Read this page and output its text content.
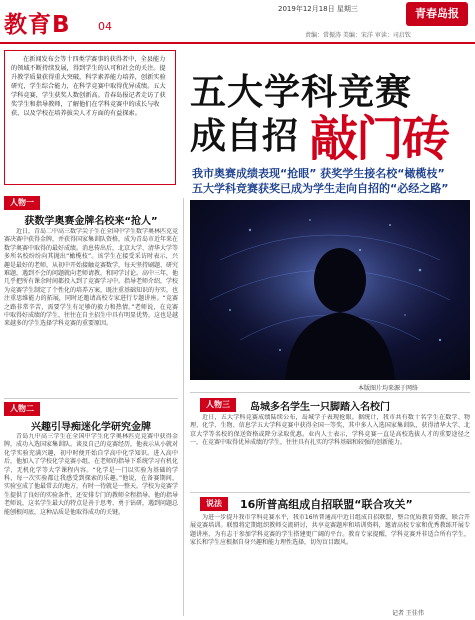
教育B 04
2019年12月18日 星期三
责编：常振涛 美编：宋洋 审读：司启钦
青春岛报
在新闻发布会等十四类学赛事的获得者中，全县能力的领域不断持续发展，得到学生的认可和社会的关注。提升教学质量获得重大突破，科学素养能力培养，创新实验研究，学生综合能力，在科学竞赛中取得优异成绩。五大学科竞赛，学生获奖人数创新高。青春岛报记者走访了获奖学生和指导教师，了解他们在学科竞赛中的成长与收获，以及学校在培养拔尖人才方面的有益探索。
五大学科竞赛
成自招 敲门砖
我市奥赛成绩表现“抢眼” 获奖学生接名校“橄榄枝”
五大学科竞赛获奖已成为学生走向自招的“必经之路”
人物一
获数学奥赛金牌名校来“抢人”
近日，青岛二中高三数学尖子生在全国中学生数学奥林匹克竞赛决赛中获得金牌，并获得国家集训队资格，成为青岛市近年来在数学奥赛中取得的最好成绩。消息传出后，北京大学、清华大学等多所名校纷纷向其抛出“橄榄枝”。该学生在接受采访时表示，兴趣是最好的老师，从初中开始接触竞赛数学，每天坚持刷题、研究难题，遇到不会的问题就向老师请教，和同学讨论。高中三年，他几乎把所有课余时间都投入到了竞赛学习中。指导老师介绍，学校为竞赛学生制定了个性化的培养方案，既注重基础知识的夯实，也注重思维能力的拓展，同时还邀请高校专家进行专题讲座。“竞赛之路非常辛苦，需要学生有足够的毅力和热情。”老师说，在竞赛中取得好成绩的学生，往往在自主招生中具有明显优势，这也是越来越多的学生选择学科竞赛的重要原因。
人物二
兴趣引导痴迷化学研究金牌
青岛九中高三学生在全国中学生化学奥林匹克竞赛中获得金牌，成功入选国家集训队。谈及自己的竞赛经历，他表示从小就对化学实验充满兴趣，初中时便开始自学高中化学知识。进入高中后，他加入了学校化学竞赛小组，在老师的指导下系统学习有机化学、无机化学等大学课程内容。“化学是一门以实验为基础的学科，每一次实验都让我感受到探索的乐趣。”他说，在备赛期间，实验室成了他最常去的地方，有时一待就是一整天。学校为竞赛学生提供了良好的实验条件，还安排专门的教师全程指导。他的指导老师说，这名学生最大的特点是善于思考、勇于钻研，遇到问题总能刨根问底，这种品质是他取得成功的关键。
本版图片均来源于网络
人物三	岛城多名学生一只脚踏入名校门
近日，五大学科竞赛成绩陆续公布，岛城学子表现抢眼。据统计，我市共有数十名学生在数学、物理、化学、生物、信息学五大学科竞赛中获得全国一等奖，其中多人入选国家集训队，获得清华大学、北京大学等名校的保送资格或降分录取优惠。业内人士表示，学科竞赛一直是高校选拔人才的重要途径之一，在竞赛中取得优异成绩的学生，往往具有扎实的学科基础和较强的创新能力。
说法	16所普高组成自招联盟“联合攻关”
为进一步提升我市学科竞赛水平，我市16所普通高中近日组成自招联盟，整合优质教育资源，联合开展竞赛培训。联盟将定期组织教师交流研讨，共享竞赛题库和培训资料，邀请高校专家和优秀教练开展专题讲座，为有志于参加学科竞赛的学生搭建更广阔的平台。教育专家提醒，学科竞赛并非适合所有学生，家长和学生应根据自身兴趣和能力理性选择，切勿盲目跟风。
记者 王佳伟
